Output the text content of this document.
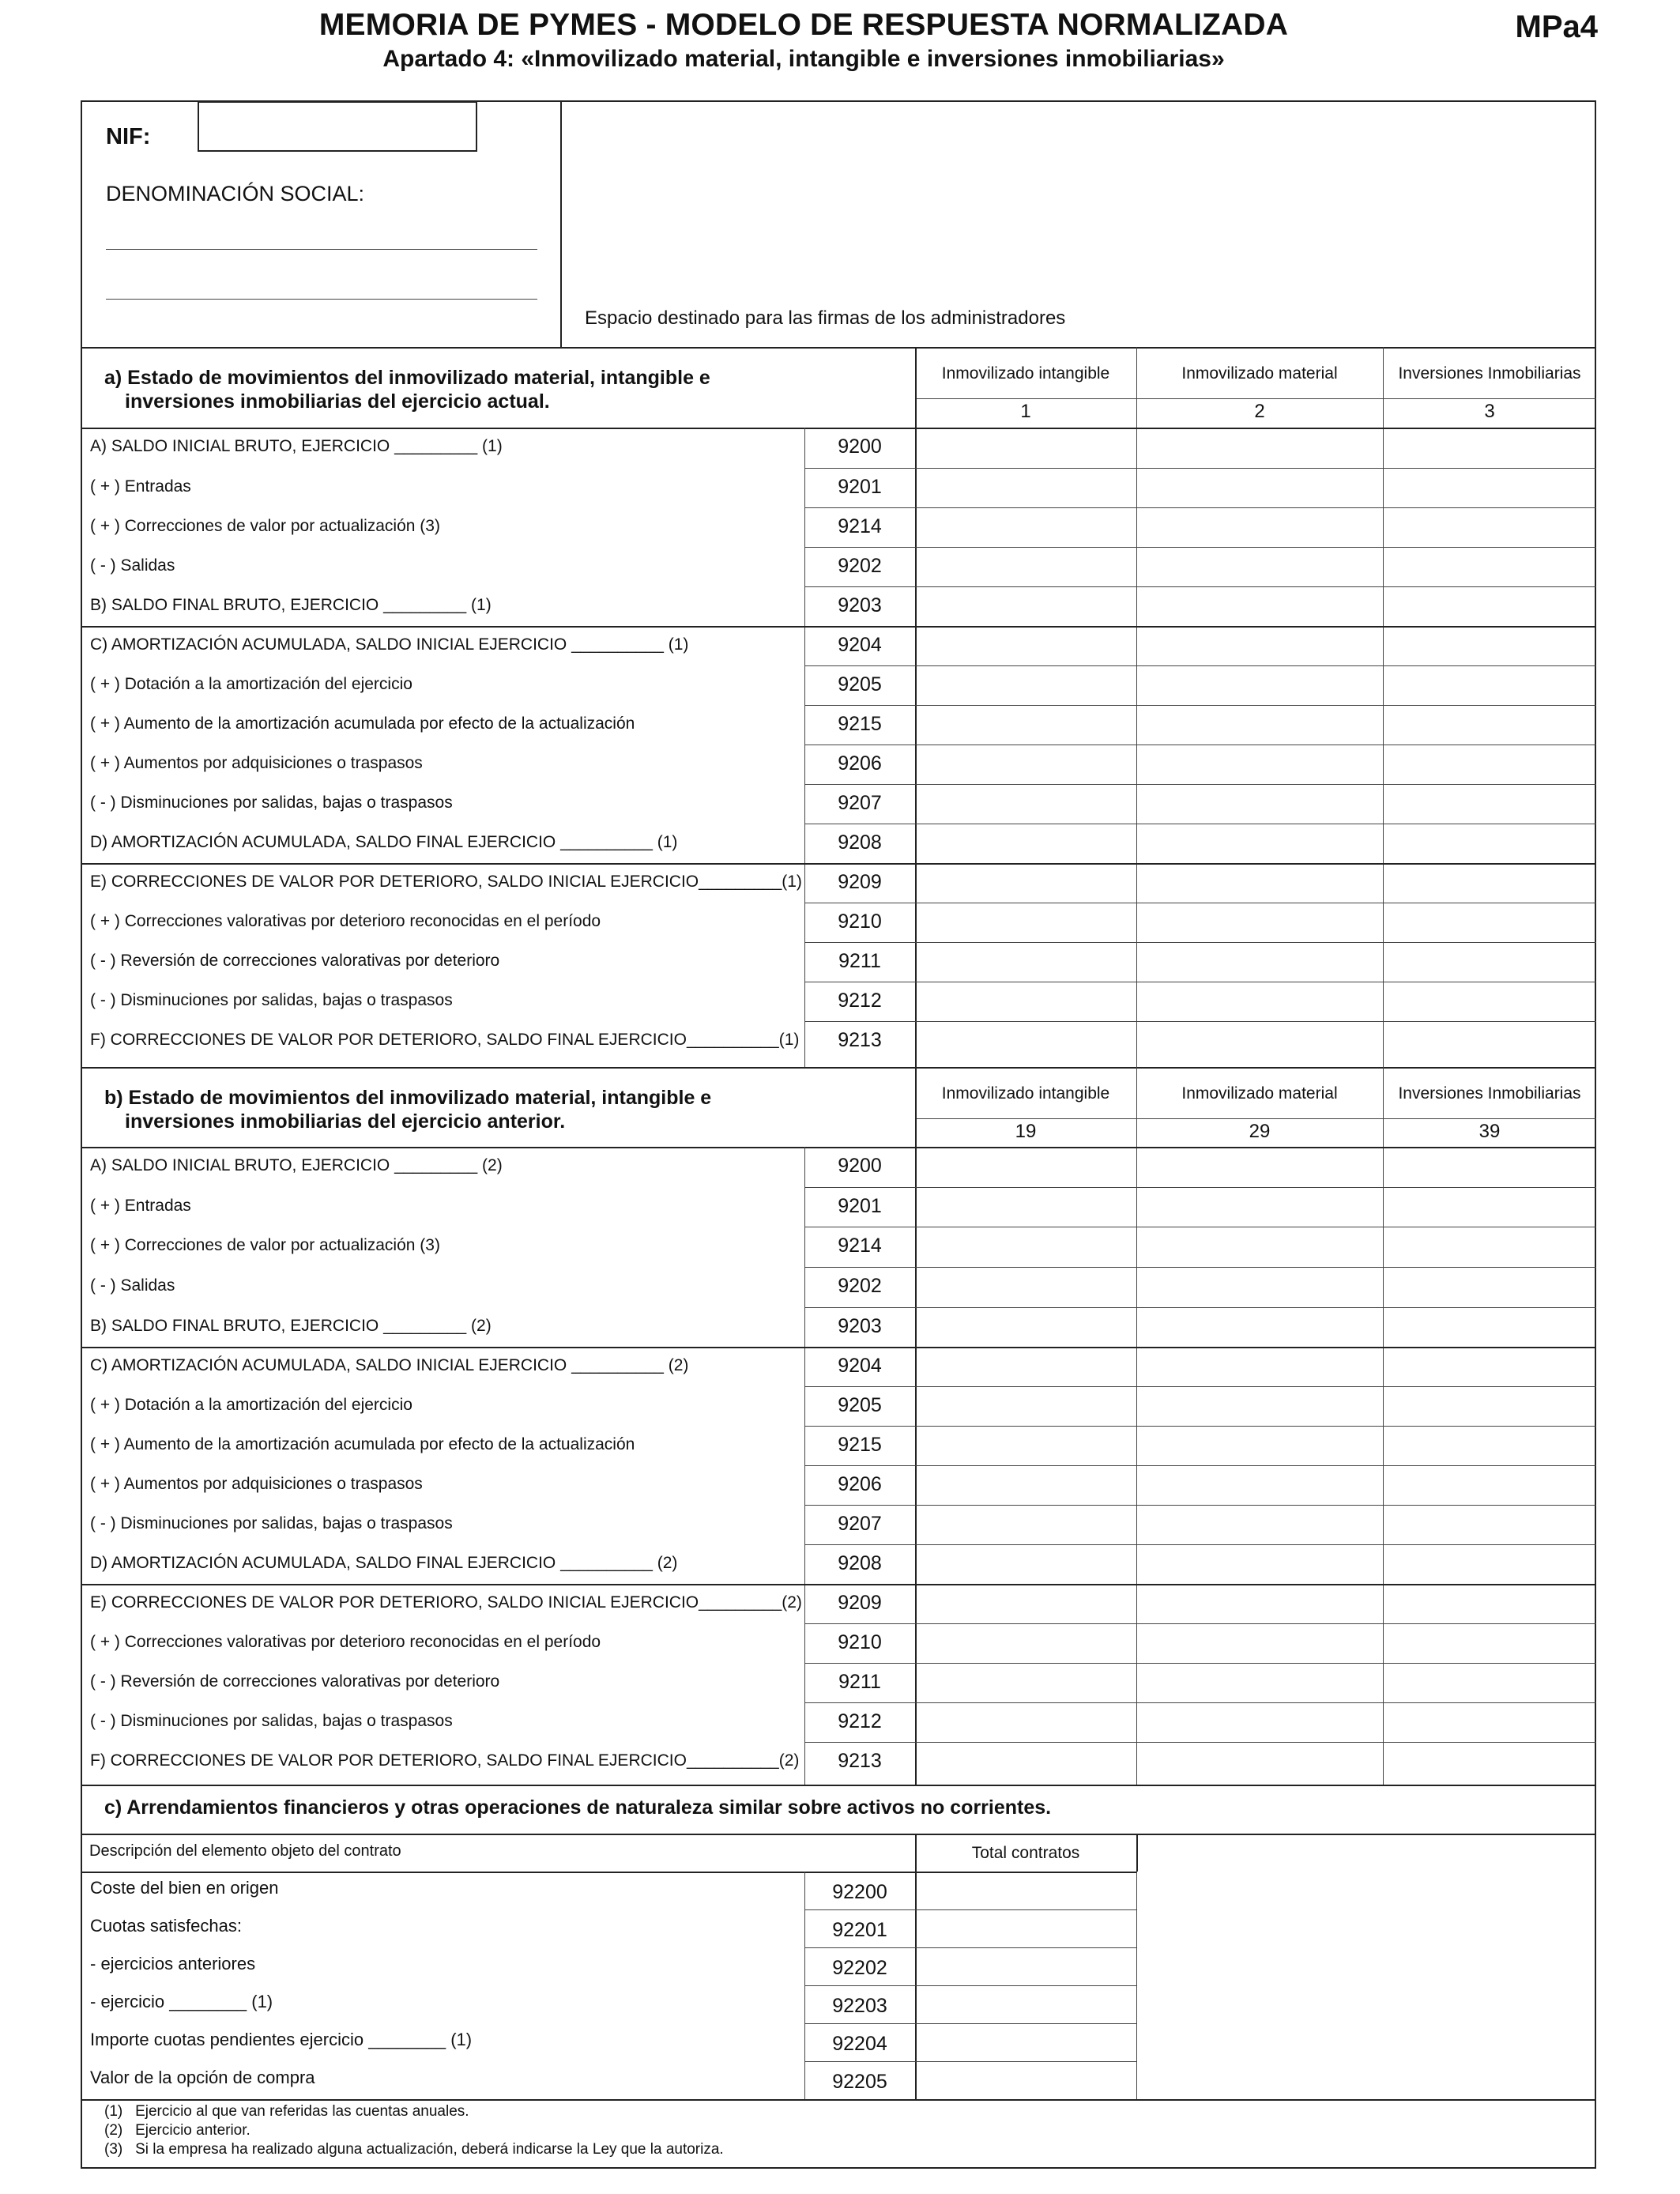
MEMORIA DE PYMES - MODELO DE RESPUESTA NORMALIZADA
Apartado 4: «Inmovilizado material, intangible e inversiones inmobiliarias»
MPa4
NIF:
DENOMINACIÓN SOCIAL:
Espacio destinado para las firmas de los administradores
a) Estado de movimientos del inmovilizado material, intangible e
inversiones inmobiliarias del ejercicio actual.
Inmovilizado intangible
1
Inmovilizado material
2
Inversiones Inmobiliarias
3
A) SALDO INICIAL BRUTO, EJERCICIO _________ (1)	9200
( + ) Entradas	9201
( + ) Correcciones de valor por actualización (3)	9214
( - ) Salidas	9202
B) SALDO FINAL BRUTO, EJERCICIO _________ (1)	9203
C) AMORTIZACIÓN ACUMULADA, SALDO INICIAL EJERCICIO __________ (1)	9204
( + ) Dotación a la amortización del ejercicio	9205
( + ) Aumento de la amortización acumulada por efecto de la actualización	9215
( + ) Aumentos por adquisiciones o traspasos	9206
( - ) Disminuciones por salidas, bajas o traspasos	9207
D) AMORTIZACIÓN ACUMULADA, SALDO FINAL EJERCICIO __________ (1)	9208
E) CORRECCIONES DE VALOR POR DETERIORO, SALDO INICIAL EJERCICIO_________(1)	9209
( + ) Correcciones valorativas por deterioro reconocidas en el período	9210
( - ) Reversión de correcciones valorativas por deterioro	9211
( - ) Disminuciones por salidas, bajas o traspasos	9212
F) CORRECCIONES DE VALOR POR DETERIORO, SALDO FINAL EJERCICIO__________(1)	9213
b) Estado de movimientos del inmovilizado material, intangible e
inversiones inmobiliarias del ejercicio anterior.
Inmovilizado intangible
19
Inmovilizado material
29
Inversiones Inmobiliarias
39
A) SALDO INICIAL BRUTO, EJERCICIO _________ (2)	9200
( + ) Entradas	9201
( + ) Correcciones de valor por actualización (3)	9214
( - ) Salidas	9202
B) SALDO FINAL BRUTO, EJERCICIO _________ (2)	9203
C) AMORTIZACIÓN ACUMULADA, SALDO INICIAL EJERCICIO __________ (2)	9204
( + ) Dotación a la amortización del ejercicio	9205
( + ) Aumento de la amortización acumulada por efecto de la actualización	9215
( + ) Aumentos por adquisiciones o traspasos	9206
( - ) Disminuciones por salidas, bajas o traspasos	9207
D) AMORTIZACIÓN ACUMULADA, SALDO FINAL EJERCICIO __________ (2)	9208
E) CORRECCIONES DE VALOR POR DETERIORO, SALDO INICIAL EJERCICIO_________(2)	9209
( + ) Correcciones valorativas por deterioro reconocidas en el período	9210
( - ) Reversión de correcciones valorativas por deterioro	9211
( - ) Disminuciones por salidas, bajas o traspasos	9212
F) CORRECCIONES DE VALOR POR DETERIORO, SALDO FINAL EJERCICIO__________(2)	9213
c) Arrendamientos financieros y otras operaciones de naturaleza similar sobre activos no corrientes.
Descripción del elemento objeto del contrato	Total contratos
Coste del bien en origen	92200
Cuotas satisfechas:	92201
- ejercicios anteriores	92202
- ejercicio ________ (1)	92203
Importe cuotas pendientes ejercicio ________ (1)	92204
Valor de la opción de compra	92205
(1) Ejercicio al que van referidas las cuentas anuales.
(2) Ejercicio anterior.
(3) Si la empresa ha realizado alguna actualización, deberá indicarse la Ley que la autoriza.
